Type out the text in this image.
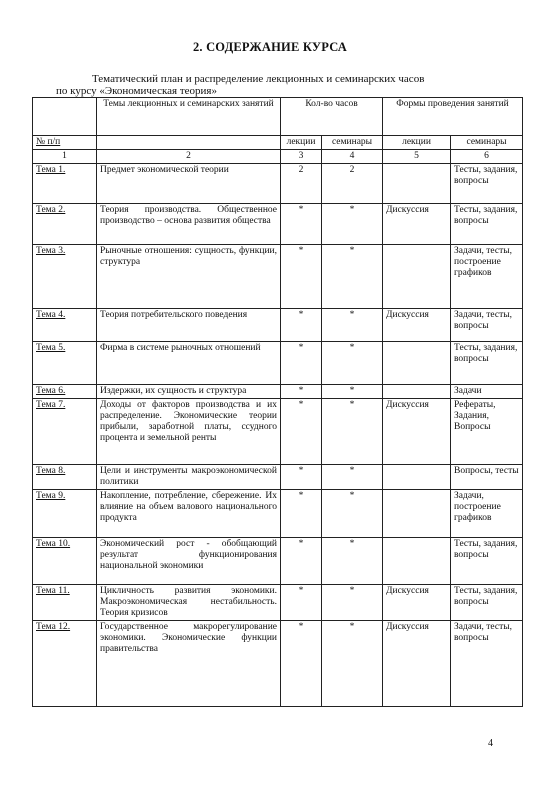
2. СОДЕРЖАНИЕ КУРСА
Тематический план и распределение лекционных и семинарских часов
по курсу «Экономическая теория»
	Темы лекционных и семинарских занятий	Кол-во часов		Формы проведения занятий	
№ п/п		лекции	семинары	лекции	семинары
1	2	3	4	5	6
Тема 1.	Предмет экономической теории	2	2		Тесты, задания, вопросы
Тема 2.	Теория производства. Общественное производство – основа развития общества	*	*	Дискуссия	Тесты, задания, вопросы
Тема 3.	Рыночные отношения: сущность, функции, структура	*	*		Задачи, тесты, построение графиков
Тема 4.	Теория потребительского поведения	*	*	Дискуссия	Задачи, тесты, вопросы
Тема 5.	Фирма в системе рыночных отношений	*	*		Тесты, задания, вопросы
Тема 6.	Издержки, их сущность и структура	*	*		Задачи
Тема 7.	Доходы от факторов производства и их распределение. Экономические теории прибыли, заработной платы, ссудного процента и земельной ренты	*	*	Дискуссия	Рефераты, Задания, Вопросы
Тема 8.	Цели и инструменты макроэкономической политики	*	*		Вопросы, тесты
Тема 9.	Накопление, потребление, сбережение. Их влияние на объем валового национального продукта	*	*		Задачи, построение графиков
Тема 10.	Экономический рост - обобщающий результат функционирования национальной экономики	*	*		Тесты, задания, вопросы
Тема 11.	Цикличность развития экономики. Макроэкономическая нестабильность. Теория кризисов	*	*	Дискуссия	Тесты, задания, вопросы
Тема 12.	Государственное макрорегулирование экономики. Экономические функции правительства	*	*	Дискуссия	Задачи, тесты, вопросы
4
